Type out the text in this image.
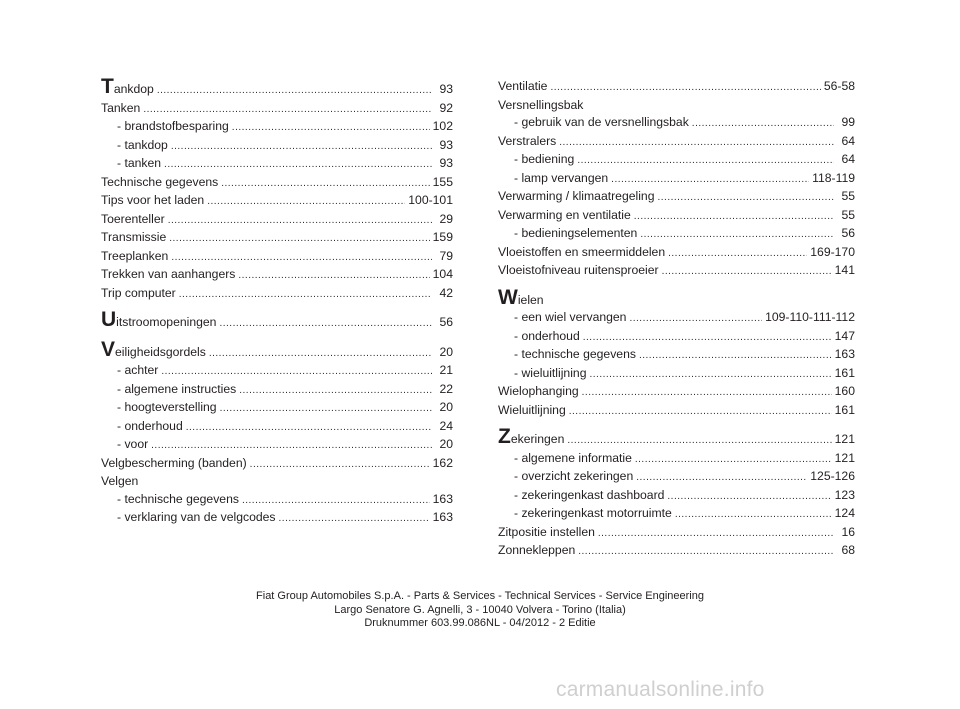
Tankdop .....	93
Tanken .....	92
- brandstofbesparing .....	102
- tankdop .....	93
- tanken .....	93
Technische gegevens .....	155
Tips voor het laden .....	100-101
Toerenteller .....	29
Transmissie .....	159
Treeplanken .....	79
Trekken van aanhangers .....	104
Trip computer .....	42
Uitstroomopeningen .....	56
Veiligheidsgordels .....	20
- achter .....	21
- algemene instructies .....	22
- hoogteverstelling .....	20
- onderhoud .....	24
- voor .....	20
Velgbescherming (banden) .....	162
Velgen
- technische gegevens .....	163
- verklaring van de velgcodes .....	163
Ventilatie .....	56-58
Versnellingsbak
- gebruik van de versnellingsbak .....	99
Verstralers .....	64
- bediening .....	64
- lamp vervangen .....	118-119
Verwarming / klimaatregeling .....	55
Verwarming en ventilatie .....	55
- bedieningselementen .....	56
Vloeistoffen en smeermiddelen .....	169-170
Vloeistofniveau ruitensproeier .....	141
Wielen
- een wiel vervangen .....	109-110-111-112
- onderhoud .....	147
- technische gegevens .....	163
- wieluitlijning .....	161
Wielophanging .....	160
Wieluitlijning .....	161
Zekeringen .....	121
- algemene informatie .....	121
- overzicht zekeringen .....	125-126
- zekeringenkast dashboard .....	123
- zekeringenkast motorruimte .....	124
Zitpositie instellen .....	16
Zonnekleppen .....	68
Fiat Group Automobiles S.p.A. - Parts & Services - Technical Services - Service Engineering
Largo Senatore G. Agnelli, 3 - 10040 Volvera - Torino (Italia)
Druknummer 603.99.086NL - 04/2012 - 2 Editie
carmanualsonline.info
